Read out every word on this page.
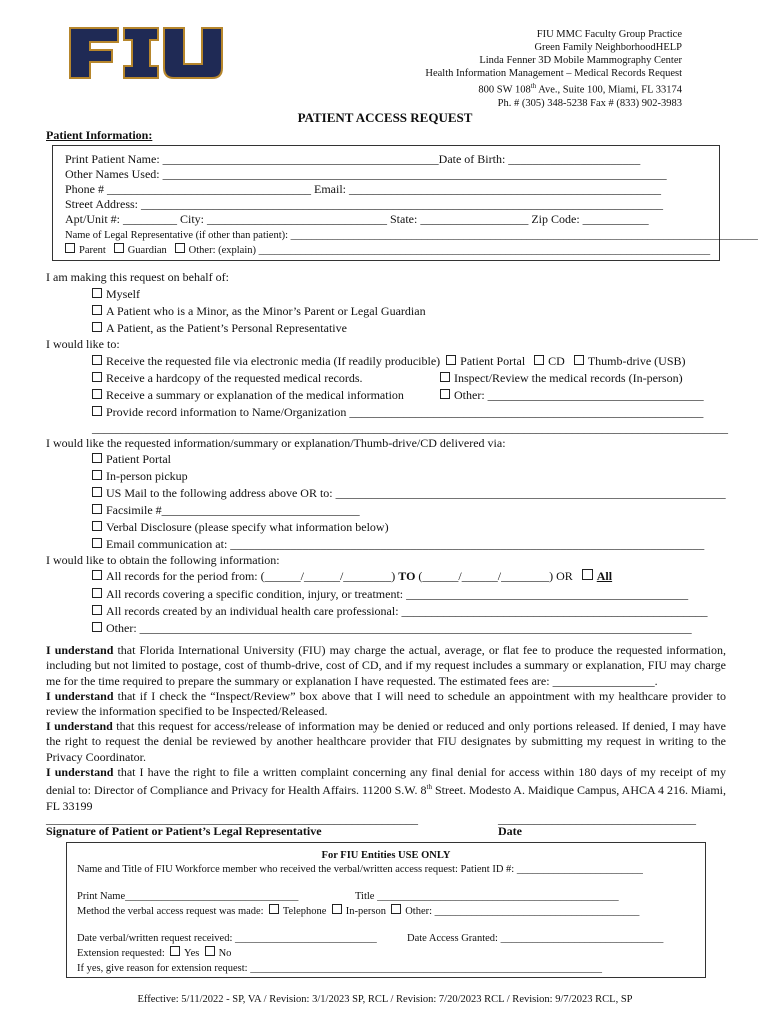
FIU MMC Faculty Group Practice
Green Family NeighborhoodHELP
Linda Fenner 3D Mobile Mammography Center
Health Information Management – Medical Records Request
800 SW 108th Ave., Suite 100, Miami, FL 33174
Ph. # (305) 348-5238 Fax # (833) 902-3983
PATIENT ACCESS REQUEST
Patient Information:
Print Patient Name: ______________________________________________Date of Birth: ______________________
Other Names Used: ____________________________________________________________________________________
Phone # __________________________________ Email: ____________________________________________________
Street Address: _______________________________________________________________________________________
Apt/Unit #: _________ City: ______________________________ State: __________________ Zip Code: ___________
Name of Legal Representative (if other than patient): _________________________________________________________________________________________
Parent Guardian Other: (explain) ______________________________________________________________________________________
I am making this request on behalf of:
Myself
A Patient who is a Minor, as the Minor’s Parent or Legal Guardian
A Patient, as the Patient’s Personal Representative
I would like to:
Receive the requested file via electronic media (If readily producible) Patient Portal CD Thumb-drive (USB)
Receive a hardcopy of the requested medical records.	Inspect/Review the medical records (In-person)
Receive a summary or explanation of the medical information	Other: ____________________________________
Provide record information to Name/Organization ___________________________________________________________
__________________________________________________________________________________________________________
I would like the requested information/summary or explanation/Thumb-drive/CD delivered via:
Patient Portal
In-person pickup
US Mail to the following address above OR to: _________________________________________________________________
Facsimile #_________________________________
Verbal Disclosure (please specify what information below)
Email communication at: _______________________________________________________________________________
I would like to obtain the following information:
All records for the period from: (______/______/________) TO (______/______/________) OR All
All records covering a specific condition, injury, or treatment: _______________________________________________
All records created by an individual health care professional: ___________________________________________________
Other: ____________________________________________________________________________________________
I understand that Florida International University (FIU) may charge the actual, average, or flat fee to produce the requested information, including but not limited to postage, cost of thumb-drive, cost of CD, and if my request includes a summary or explanation, FIU may charge me for the time required to prepare the summary or explanation I have requested. The estimated fees are: _________________.
I understand that if I check the “Inspect/Review” box above that I will need to schedule an appointment with my healthcare provider to review the information specified to be Inspected/Released.
I understand that this request for access/release of information may be denied or reduced and only portions released. If denied, I may have the right to request the denial be reviewed by another healthcare provider that FIU designates by submitting my request in writing to the Privacy Coordinator.
I understand that I have the right to file a written complaint concerning any final denial for access within 180 days of my receipt of my denial to: Director of Compliance and Privacy for Health Affairs. 11200 S.W. 8th Street. Modesto A. Maidique Campus, AHCA 4 216. Miami, FL 33199
______________________________________________________________	_________________________________
Signature of Patient or Patient’s Legal Representative	Date
For FIU Entities USE ONLY
Name and Title of FIU Workforce member who received the verbal/written access request: Patient ID #: ________________________
Print Name_________________________________	Title ______________________________________________
Method the verbal access request was made: Telephone In-person Other: _______________________________________
Date verbal/written request received: ___________________________	Date Access Granted: _______________________________
Extension requested: Yes No
If yes, give reason for extension request: ___________________________________________________________________
Effective: 5/11/2022 - SP, VA / Revision: 3/1/2023 SP, RCL / Revision: 7/20/2023 RCL / Revision: 9/7/2023 RCL, SP
